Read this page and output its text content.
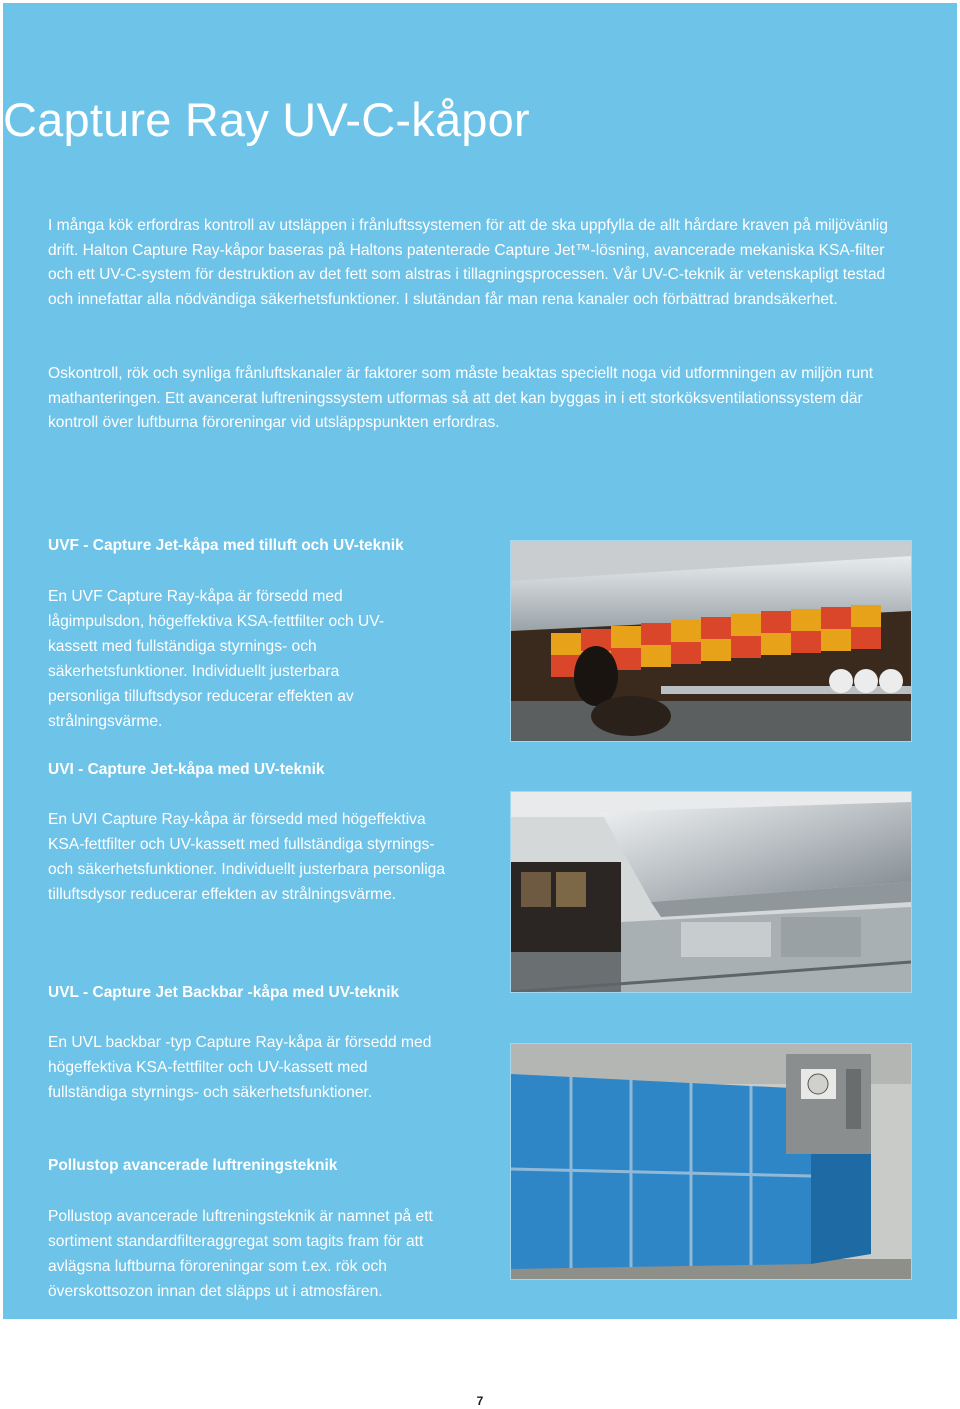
Capture Ray UV-C-kåpor

I många kök erfordras kontroll av utsläppen i frånluftssystemen för att de ska uppfylla de allt hårdare kraven på miljövänlig drift. Halton Capture Ray-kåpor baseras på Haltons patenterade Capture Jet™-lösning, avancerade mekaniska KSA-filter och ett UV-C-system för destruktion av det fett som alstras i tillagningsprocessen. Vår UV-C-teknik är vetenskapligt testad och innefattar alla nödvändiga säkerhetsfunktioner. I slutändan får man rena kanaler och förbättrad brandsäkerhet.

Oskontroll, rök och synliga frånluftskanaler är faktorer som måste beaktas speciellt noga vid utformningen av miljön runt mathanteringen. Ett avancerat luftreningssystem utformas så att det kan byggas in i ett storköksventilationssystem där kontroll över luftburna föroreningar vid utsläppspunkten erfordras.

UVF - Capture Jet-kåpa med tilluft och UV-teknik

En UVF Capture Ray-kåpa är försedd med lågimpulsdon, högeffektiva KSA-fettfilter och UV-kassett med fullständiga styrnings- och säkerhetsfunktioner. Individuellt justerbara personliga tilluftsdysor reducerar effekten av strålningsvärme.

UVI - Capture Jet-kåpa med UV-teknik

En UVI Capture Ray-kåpa är försedd med högeffektiva KSA-fettfilter och UV-kassett med fullständiga styrnings- och säkerhetsfunktioner. Individuellt justerbara personliga tilluftsdysor reducerar effekten av strålningsvärme.

UVL - Capture Jet Backbar -kåpa med UV-teknik

En UVL backbar -typ Capture Ray-kåpa är försedd med högeffektiva KSA-fettfilter och UV-kassett med fullständiga styrnings- och säkerhetsfunktioner.

Pollustop avancerade luftreningsteknik

Pollustop avancerade luftreningsteknik är namnet på ett sortiment standardfilteraggregat som tagits fram för att avlägsna luftburna föroreningar som t.ex. rök och överskottsozon innan det släpps ut i atmosfären.

7
